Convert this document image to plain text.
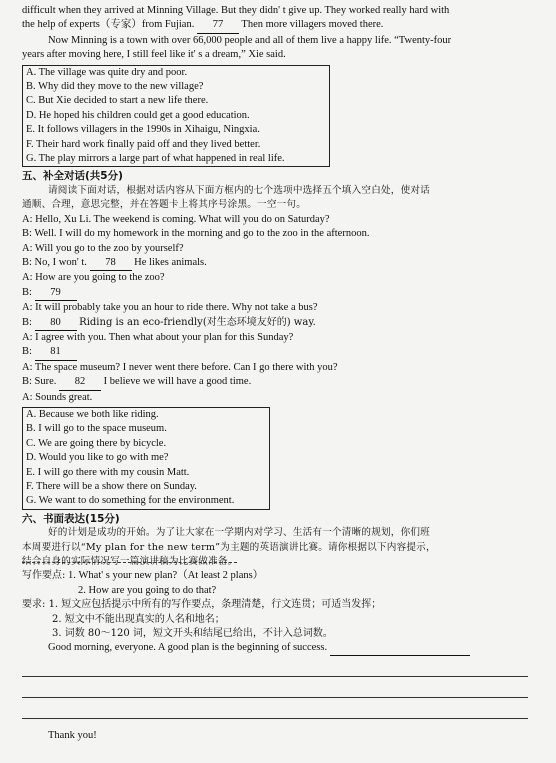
difficult when they arrived at Minning Village. But they didn' t give up. They worked really hard with
the help of experts（专家）from Fujian. 77 Then more villagers moved there.
Now Minning is a town with over 66,000 people and all of them live a happy life. “Twenty-four
years after moving here, I still feel like it' s a dream,” Xie said.
A. The village was quite dry and poor.
B. Why did they move to the new village?
C. But Xie decided to start a new life there.
D. He hoped his children could get a good education.
E. It follows villagers in the 1990s in Xihaigu, Ningxia.
F. Their hard work finally paid off and they lived better.
G. The play mirrors a large part of what happened in real life.
五、补全对话(共5分)
请阅读下面对话，根据对话内容从下面方框内的七个选项中选择五个填入空白处，使对话
通顺、合理，意思完整，并在答题卡上将其序号涂黑。一空一句。
A: Hello, Xu Li. The weekend is coming. What will you do on Saturday?
B: Well. I will do my homework in the morning and go to the zoo in the afternoon.
A: Will you go to the zoo by yourself?
B: No, I won' t. 78 He likes animals.
A: How are you going to the zoo?
B: 79
A: It will probably take you an hour to ride there. Why not take a bus?
B: 80 Riding is an eco-friendly(对生态环境友好的) way.
A: I agree with you. Then what about your plan for this Sunday?
B: 81
A: The space museum? I never went there before. Can I go there with you?
B: Sure. 82 I believe we will have a good time.
A: Sounds great.
A. Because we both like riding.
B. I will go to the space museum.
C. We are going there by bicycle.
D. Would you like to go with me?
E. I will go there with my cousin Matt.
F. There will be a show there on Sunday.
G. We want to do something for the environment.
六、书面表达(15分)
好的计划是成功的开始。为了让大家在一学期内对学习、生活有一个清晰的规划，你们班
本周要进行以“My plan for the new term”为主题的英语演讲比赛。请你根据以下内容提示，
结合自身的实际情况写一篇演讲稿为比赛做准备。
写作要点: 1. What' s your new plan?（At least 2 plans）
2. How are you going to do that?
要求: 1. 短文应包括提示中所有的写作要点，条理清楚，行文连贯；可适当发挥；
2. 短文中不能出现真实的人名和地名；
3. 词数 80～120 词，短文开头和结尾已给出，不计入总词数。
Good morning, everyone. A good plan is the beginning of success.
Thank you!
